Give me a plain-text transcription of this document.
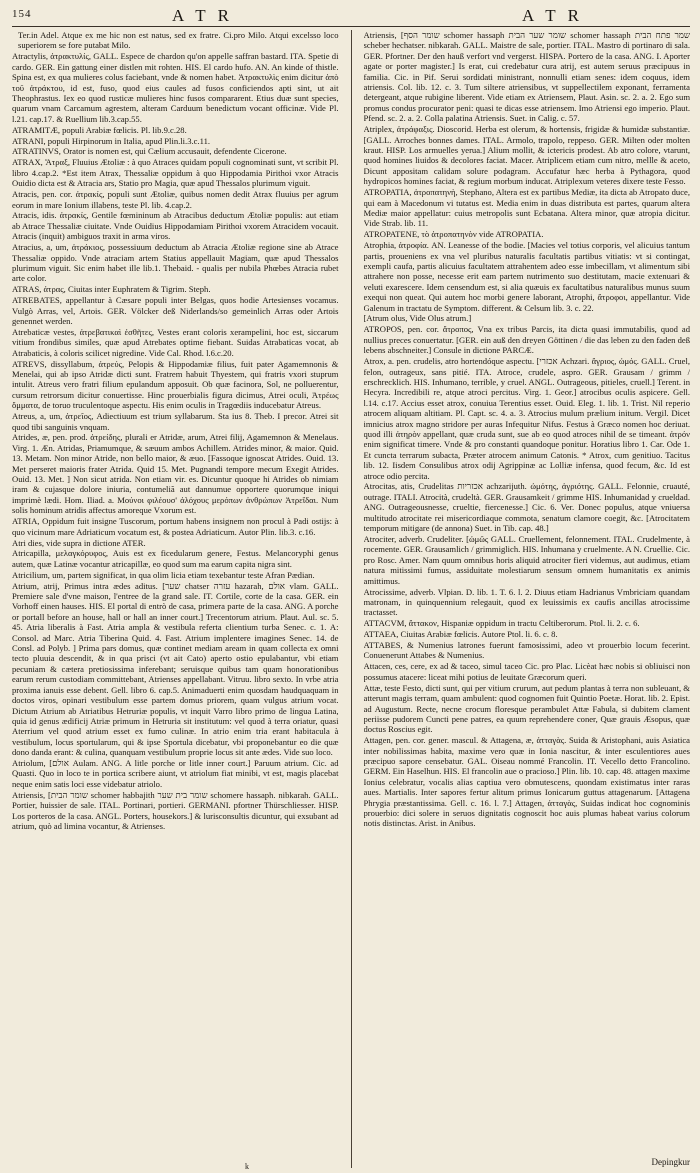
154	A T R	A T R

Ter.in Adel. Atque ex me hic non est natus, sed ex fratre. Ci.pro Milo. Atqui excelsso loco superiorem se fore putabat Milo.

Atractylis, ἀτρακτυλίς, GALL. Espece de chardon qu'on appelle saffran bastard. ITA. Spetie di cardo. GER. Ein gattung einer distlen mit rohten. HIS. El cardo hufo. AN. An kinde of thistle. Spina est, ex qua mulieres colus faciebant, vnde & nomen habet. Ἀτρακτυλὶς enim dicitur ἀπὸ τοῦ ἀτράκτου, id est, fuso, quod eius caules ad fusos conficiendos apti sint, ut ait Theophrastus. Iex eo quod rusticæ mulieres hinc fusos compararent. Etius duæ sunt species, quarum vnam Carcamum agrestem, alteram Carduum benedictum vocant officinæ. Vide Pl. l.21. cap.17. & Ruellium lib.3.cap.55.

ATRAMITÆ, populi Arabiæ fœlicis. Pl. lib.9.c.28.

ATRANI, populi Hirpinorum in Italia, apud Plin.li.3.c.11.

ATRATINVS, Orator is nomen est, qui Cælium accusauit, defendente Cicerone.

ATRAX, Ἄτραξ, Fluuius Ætoliæ : à quo Atraces quidam populi cognominati sunt, vt scribit Pl. libro 4.cap.2. *Est item Atrax, Thessaliæ oppidum à quo Hippodamia Pirithoi vxor Atracis Ouidio dicta est & Atracia ars, Statio pro Magia, quæ apud Thessalos plurimum viguit.

Atracis, pen. cor. ἀτρακίς, populi sunt Ætoliæ, quibus nomen dedit Atrax fluuius per agrum eorum in mare Ionium illabens, teste Pl. lib. 4.cap.2.

Atracis, idis. ἀτρακίς, Gentile fœmininum ab Atracibus deductum Ætoliæ populis: aut etiam ab Atrace Thessaliæ ciuitate. Vnde Ouidius Hippodamiam Pirithoi vxorem Atracidem vocauit. Atracis (inquit) ambiguos traxit in arma viros.

Atracius, a, um, ἀτράκιος, possessiuum deductum ab Atracia Ætoliæ regione sine ab Atrace Thessaliæ oppido. Vnde atraciam artem Statius appellauit Magiam, quæ apud Thessalos plurimum viguit. Sic enim habet ille lib.1. Thebaid. - qualis per nubila Phœbes Atracia rubet arte color.

ATRAS, ἀτρας, Ciuitas inter Euphratem & Tigrim. Steph.

ATREBATES, appellantur à Cæsare populi inter Belgas, quos hodie Artesienses vocamus. Vulgò Arras, vel, Artois. GER. Völcker deß Niderlands/so gemeinlich Arras oder Artois genennet werden.

Atrebaticæ vestes, ἀτρεβατικαὶ ἐσθῆτες, Vestes erant coloris xerampelini, hoc est, siccarum vitium frondibus similes, quæ apud Atrebates optime fiebant. Suidas Atrabaticas vocat, ab Atrabaticis, à coloris scilicet nigredine. Vide Cal. Rhod. l.6.c.20.

ATREVS, dissyllabum, ἀτρεύς, Pelopis & Hippodamiæ filius, fuit pater Agamemnonis & Menelai, qui ab ipso Atridæ dicti sunt. Fratrem habuit Thyestem, qui fratris vxori stuprum intulit. Atreus vero fratri filium epulandum apposuit. Ob quæ facinora, Sol, ne polluerentur, cursum retrorsum dicitur conuertisse. Hinc prouerbialis figura dicimus, Atrei oculi, Ἀτρέως ὄμματα, de toruo truculentoque aspectu. His enim oculis in Tragœdiis inducebatur Atreus.

Atreus, a, um, ἀτρεῖος, Adiectiuum est trium syllabarum. Sta ius 8. Theb. I precor. Atrei sit quod tibi sanguinis vnquam.

Atrides, æ, pen. prod. ἀτρείδης, plurali er Atridæ, arum, Atrei filij, Agamemnon & Menelaus. Virg. 1. Æn. Atridas, Priamumque, & sæuum ambos Achillem. Atrides minor, & maior. Quid. 13. Metam. Non minor Atride, non bello maior, & æuo. [Fassoque ignoscat Atrides. Ouid. 13. Met perseret maioris frater Atrida. Quid 15. Met. Pugnandi tempore mecum Exegit Atrides. Ouid. 13. Met. ] Non sicut atrida. Non etiam vir. es. Dicuntur quoque hi Atrides ob nimiam iram & cujasque dolore iniuria, contumeliã aut dannumue opportere quorumque iniqui imprimè lædi. Hom. Iliad. a. Μούνοι φιλέουσ' ἀλόχους μερόπων ἀνθρώπων Ἀτρεΐδαι. Num solis hominum atridis affectus amoreque Vxorum est.

ATRIA, Oppidum fuit insigne Tuscorum, portum habens insignem non procul à Padi ostijs: à quo vicinum mare Adriaticum vocatum est, & postea Adriaticum. Autor Plin. lib.3. c.16.

Atri dies, vide supra in dictione ATER.

Atricapilla, μελαγκόρυφος, Auis est ex ficedularum genere, Festus. Melancoryphi genus autem, quæ Latinæ vocantur atricapillæ, eo quod sum ma earum capita nigra sint.

Atricilium, um, partem significat, in qua olim licia etiam texebantur teste Afran Pædian.

Atrium, atrij, Primus intra ædes aditus. [שער chatser עזרה hazarah, אולם vlam. GALL. Premiere sale d'vne maison, l'entree de la grand sale. IT. Cortile, corte de la casa. GER. ein Vorhoff einen hauses. HIS. El portal di entrò de casa, primera parte de la casa. ANG. A porche or portall before an house, hall or hall an inner court.] Trecentorum atrium. Plaut. Aul. sc. 5. 45. Atria liberalis à Fast. Atria ampla & vestibula referta clientium turba Senec. c. 1. A: Consol. ad Marc. Atria Tiberina Quid. 4. Fast. Atrium implentere imagines Senec. 14. de Consl. ad Polyb. ] Prima pars domus, quæ continet mediam aream in quam collecta ex omni tecto pluuia descendit, & in qua prisci (vt ait Cato) aperto ostio epulabantur, vbi etiam pecuniam & cætera pretiosissima inferebant; seruisque quibus tam quam honorationibus earum rerum custodiam committebant, Atrienses appellabant. Vitruu. libro sexto. In vrbe atria proxima ianuis esse debent. Gell. libro 6. cap.5. Animaduerti enim quosdam haudquaquam in doctos viros, opinari vestibulum esse partem domus priorem, quam vulgus atrium vocat. Dictum Atrium ab Atriatibus Hetruriæ populis, vt inquit Varro libro primo de lingua Latina, quia id genus ædificij Atriæ primum in Hetruria sit institutum: vel quod à terra oriatur, quasi Aterrium vel quod atrium esset ex fumo culinæ. In atrio enim tria erant habitacula à vestibulum, locus sportularum, qui & ipse Sportula dicebatur, vbi proponebantur eo die quæ dono danda erant: & culina, quanquam vestibulum proprie locus sit ante ædes. Vide suo loco.

Atriolum, [אולם Aulam. ANG. A litle porche or litle inner court.] Paruum atrium. Cic. ad Quasti. Quo in loco te in portica scribere aiunt, vt atriolum fiat minibi, vt est, magis placebat neque enim satis loci esse videbatur atriolo.

Atriensis, [שומר הבית schomer habbajith שומר בית שער schomere hassaph. nibkarah. GALL. Portier, huissier de sale. ITAL. Portinari, portieri. GERMANI. pfortner Thürschliesser. HISP. Los porteros de la casa. ANGL. Porters, housekors.] & lurisconsultis dicuntur, qui exsubant ad atrium, quò ad limina vocantur, & Atrienses.

Atriensis, [שומר הסף schomer hassaph שומר שער הבית schomer hassaph שמר פתח הבית scheber hechatser. nibkarah. GALL. Maistre de sale, portier. ITAL. Mastro di portinaro di sala. GER. Pfortner. Der den hauß verfort vnd vergerst. HISPA. Portero de la casa. ANG. I. Aporter agate or porter magister.] Is erat, cui credebatur cura atrij, est autem seruus præcipuus in familia. Cic. in Pif. Serui sordidati ministrant, nonnulli etiam senes: idem coquus, idem atriensis. Col. lib. 12. c. 3. Tum siltere atriensibus, vt suppellectilem exponant, ferramenta detergeant, atque rubigine liberent. Vide etiam ex Atriensem, Plaut. Asin. sc. 2. a. 2. Ego sum promus condus procurator peni: quasi te dicas esse atriensem. Imo Atriensi ego imperio. Plaut. Pfend. sc. 2. a. 2. Colla palatina Atriensis. Suet. in Calig. c. 57.

Atriplex, ἀτράφαξις. Dioscorid. Herba est olerum, & hortensis, frigidæ & humidæ substantiæ. [GALL. Arroches bonnes dames. ITAL. Armolo, trapolo, reppeso. GER. Milten oder molten kraut. HISP. Los armuelles yerua.] Alium mollit, & ictericis prodest. Ab atro colore, vtarunt, quod homines liuidos & decolores faciat. Macer. Atriplicem etiam cum nitro, mellle & aceto, Dicunt appositam calidam solure podagram. Accufatur hæc herba à Pythagora, quod hydropicos homines faciat, & regium morbum inducat. Atriplexum veteres dixere teste Fesso.

ATROPATIA, ἀτροπατηνὴ, Stephano, Altera est ex partibus Mediæ, ita dicta ab Atropato duce, qui eam à Macedonum vi tutatus est. Media enim in duas distributa est partes, quarum altera Mediæ maior appellatur: cuius metropolis sunt Ecbatana. Altera minor, quæ atropia dicitur. Vide Strab. lib. 11.

ATROPATENE, τὸ ἀτροπατηνὸν vide ATROPATIA.

Atrophia, ἀτροφία. AN. Leanesse of the bodie. [Macies vel totius corporis, vel alicuius tantum partis, proueniens ex vna vel pluribus naturalis facultatis partibus vitiatis: vt si contingat, exempli caufa, partis alicuius facultatem attrahentem adeo esse imbecillam, vt alimentum sibi attrahere non posse, necesse erit eam partem nutrimento suo destitutam, macie extenuari & veluti exarescere. Idem censendum est, si alia quæuis ex facultatibus naturalibus munus suum exequi non queat. Qui autem hoc morbi genere laborant, Atrophi, ἄτροφοι, appellantur. Vide Galenum in tractatu de Symptom. different. & Celsum lib. 3. c. 22.

[Atrum olus, Vide Olus atrum.]

ATROPOS, pen. cor. ἄτροπος, Vna ex tribus Parcis, ita dicta quasi immutabilis, quod ad nullius preces conuertatur. [GER. ein auß den dreyen Göttinen / die das leben zu den faden deß lebens abschneiter.] Consule in dictione PARCÆ.

Atrox, a. pen. crudelis, atro hortendóque aspectu. [אכזרי Achzari. ἄγριος, ὠμός. GALL. Cruel, felon, outrageux, sans pitié. ITA. Atroce, crudele, aspro. GER. Grausam / grimm / erschrecklich. HIS. Inhumano, terrible, y cruel. ANGL. Outrageous, pitieles, cruell.] Terent. in Hecyra. Incredibili re, atque atroci percitus. Virg. 1. Geor.] atrocibus oculis aspicere. Gell. l.14. c.17. Accius esset atrox, conuiua Terentius esset. Ouid. Eleg. 1. lib. 1. Trist. Nil reperio atrocem aliquam altitiam. Pl. Capt. sc. 4. a. 3. Atrocius mulum prælium initum. Vergil. Dicet imnicius atrox magno stridore per auras Infequitur Nifus. Festus à Græco nomen hoc deriuat. quod illi ἀτηρὸν appellant, quæ cruda sunt, sue ab eo quod atroces nihil de se timeant. ἀτρόν enim significat timere. Vnde & pro constanti quandoque ponitur. Horatius libro 1. Car. Ode 1. Et cuncta terrarum subacta, Præter atrocem animum Catonis. * Atrox, cum genitiuo. Tacitus lib. 12. Iisdem Consulibus atrox odij Agrippinæ ac Lolliæ infensa, quod fecum, &c. Id est atroce odio percita.

Atrocitas, atis, Crudelitas אכזריות achzarijuth. ὠμότης, ἀγριότης. GALL. Felonnie, cruauté, outrage. ITALI. Atrocità, crudeltà. GER. Grausamkeit / grimme HIS. Inhumanidad y crueldad. ANG. Outrageousnesse, crueltie, fiercenesse.] Cic. 6. Ver. Donec populus, atque vniuersa multitudo atrocitate rei misericordiaque commota, senatum clamore coegit, &c. [Atrocitatem temporum mitigare (de annona) Suet. in Tib. cap. 48.]

Atrociter, adverb. Crudeliter. [ὠμῶς GALL. Cruellement, felonnement. ITAL. Crudelmente, à rocemente. GER. Grausamlich / grimmiglich. HIS. Inhumana y cruelmente. A N. Cruellie. Cic. pro Rosc. Amer. Nam quum omnibus horis aliquid atrociter fieri videmus, aut audimus, etiam natura mitissimi fumus, assiduitate molestiarum sensum omnem humanitatis ex animis amittimus.

Atrocissime, adverb. Vlpian. D. lib. 1. T. 6. l. 2. Diuus etiam Hadrianus Vmbriciam quandam matronam, in quinquennium relegauit, quod ex leuissimis ex caufis ancillas atrocissime tractasset.

ATTACVM, ἄττακον, Hispaniæ oppidum in tractu Celtiberorum. Ptol. li. 2. c. 6.

ATTAEA, Ciuitas Arabiæ fœlicis. Autore Ptol. li. 6. c. 8.

ATTABES, & Numenius latrones fuerunt famosissimi, adeo vt prouerbio locum fecerint. Conuenerunt Attabes & Numenius.

Attacen, ces, cere, ex ad & taceo, simul taceo Cic. pro Plac. Licèat hæc nobis si obliuisci non possumus atacere: liceat mihi potius de leuitate Græcorum queri.

Attæ, teste Festo, dicti sunt, qui per vitium crurum, aut pedum plantas à terra non subleuant, & atterunt magis terram, quam ambulent: quod cognomen fuit Quintio Poetæ. Horat. lib. 2. Epist. ad Augustum. Recte, necne crocum floresque perambulet Attæ Fabula, si dubitem clament periisse pudorem Cuncti pene patres, ea quum reprehendere coner, Quæ grauis Æsopus, quæ doctus Roscius egit.

Attagen, pen. cor. gener. mascul. & Attagena, æ, ἀτταγὰς. Suida & Aristophani, auis Asiatica inter nobilissimas habita, maxime vero quæ in Ionia nascitur, & inter esculentiores aues præcipuo sapore censebatur. GAL. Oiseau nommé Francolin. IT. Vecello detto Francolino. GERM. Ein Haselhun. HIS. El francolin aue o pracioso.] Plin. lib. 10. cap. 48. attagen maxime Ionius celebratur, vocalis alias captiua vero obmutescens, quondam existimatus inter raras aues. Martialis. Inter sapores fertur alitum primus Ionicarum guttus attagenarum. [Attagena Phrygia præstantissima. Gell. c. 16. l. 7.] Attagen, ἀτταγὰς, Suidas indicat hoc cognominis prouerbio: dici solere in seruos dignitatis cognoscit hoc auis plumas habeat varius colorum notis distinctas. Arist. in Anibus.

k	Depingkur
